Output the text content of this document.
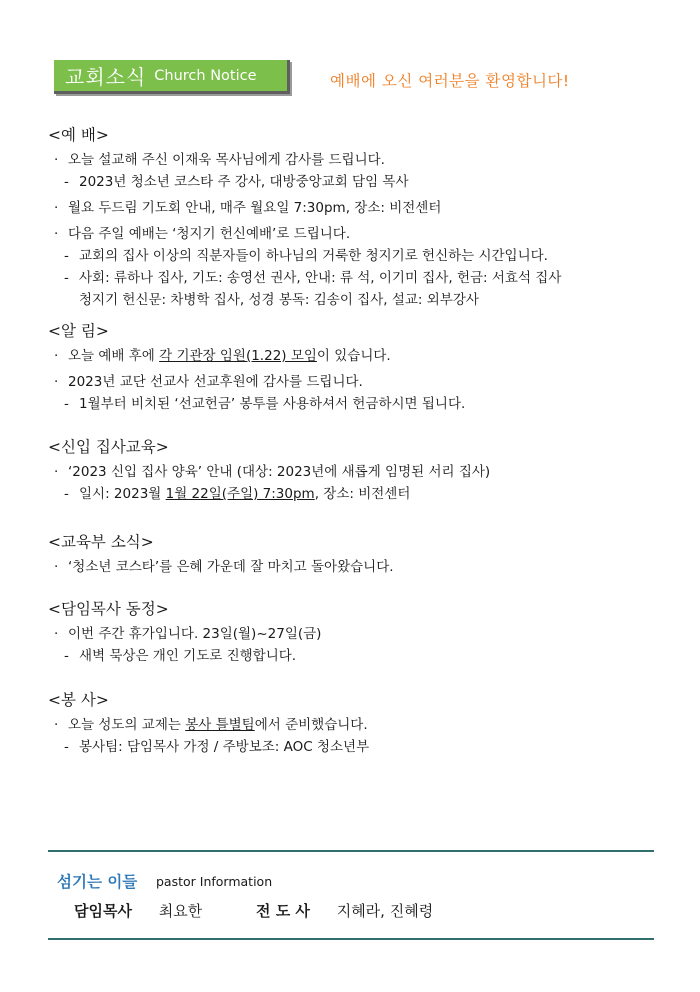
교회소식 Church Notice	예배에 오신 여러분을 환영합니다!
<예 배>
· 오늘 설교해 주신 이재욱 목사님에게 감사를 드립니다.
- 2023년 청소년 코스타 주 강사, 대방중앙교회 담임 목사
· 월요 두드림 기도회 안내, 매주 월요일 7:30pm, 장소: 비전센터
· 다음 주일 예배는 ‘청지기 헌신예배’로 드립니다.
- 교회의 집사 이상의 직분자들이 하나님의 거룩한 청지기로 헌신하는 시간입니다.
- 사회: 류하나 집사, 기도: 송영선 권사, 안내: 류 석, 이기미 집사, 헌금: 서효석 집사
청지기 헌신문: 차병학 집사, 성경 봉독: 김송이 집사, 설교: 외부강사
<알 림>
· 오늘 예배 후에 각 기관장 임원(1.22) 모임이 있습니다.
· 2023년 교단 선교사 선교후원에 감사를 드립니다.
- 1월부터 비치된 ‘선교헌금’ 봉투를 사용하셔서 헌금하시면 됩니다.
<신입 집사교육>
· ‘2023 신입 집사 양육’ 안내 (대상: 2023년에 새롭게 임명된 서리 집사)
- 일시: 2023월 1월 22일(주일) 7:30pm, 장소: 비전센터
<교육부 소식>
· ‘청소년 코스타’를 은혜 가운데 잘 마치고 돌아왔습니다.
<담임목사 동정>
· 이번 주간 휴가입니다. 23일(월)~27일(금)
- 새벽 묵상은 개인 기도로 진행합니다.
<봉 사>
· 오늘 성도의 교제는 봉사 틀별팀에서 준비했습니다.
- 봉사팀: 담임목사 가정 / 주방보조: AOC 청소년부
섬기는 이들 pastor Information
담임목사 최요한	전 도 사 지혜라, 진혜령
